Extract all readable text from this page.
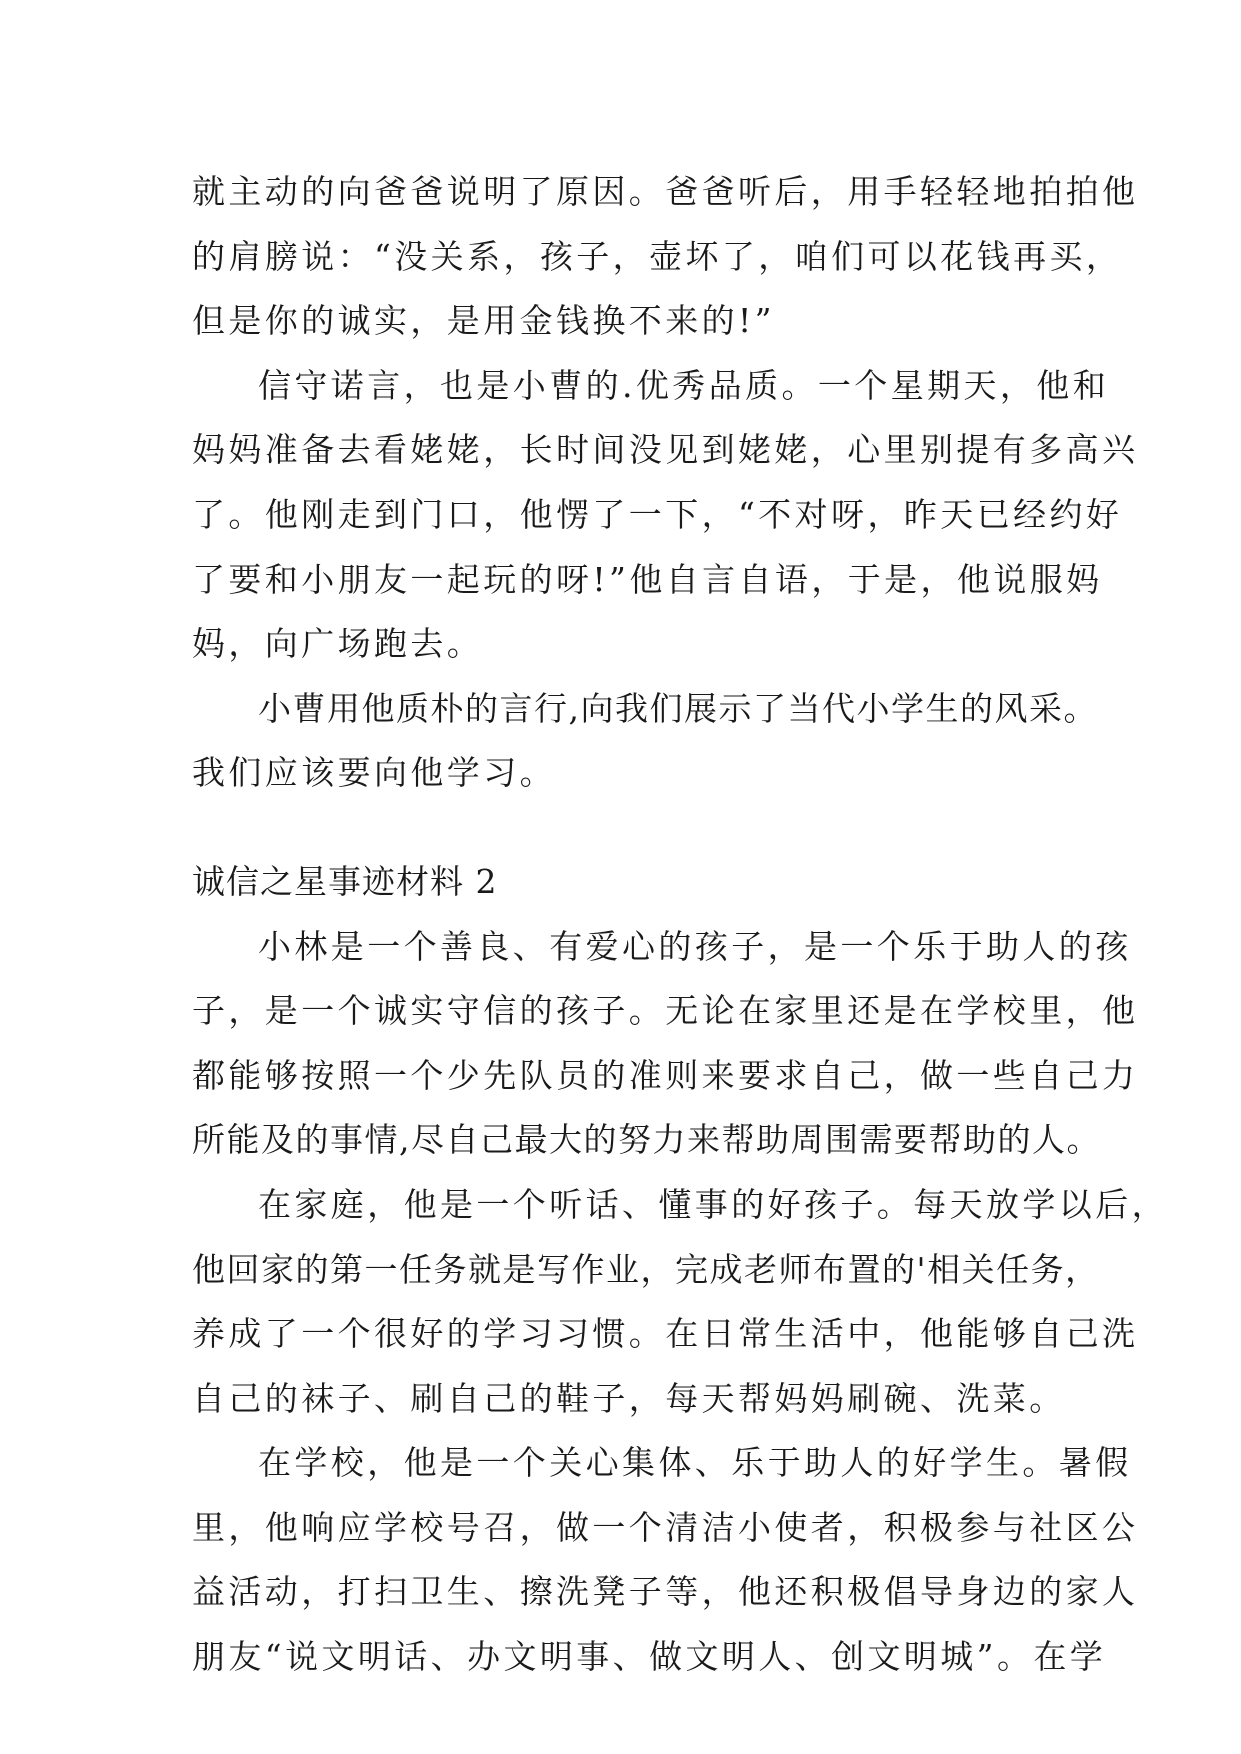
就主动的向爸爸说明了原因。爸爸听后，用手轻轻地拍拍他
的肩膀说：“没关系，孩子，壶坏了，咱们可以花钱再买，
但是你的诚实，是用金钱换不来的!”
信守诺言，也是小曹的.优秀品质。一个星期天，他和
妈妈准备去看姥姥，长时间没见到姥姥，心里别提有多高兴
了。他刚走到门口，他愣了一下，“不对呀，昨天已经约好
了要和小朋友一起玩的呀!”他自言自语，于是，他说服妈
妈，向广场跑去。
小曹用他质朴的言行,向我们展示了当代小学生的风采。
我们应该要向他学习。
诚信之星事迹材料 2
小林是一个善良、有爱心的孩子，是一个乐于助人的孩
子，是一个诚实守信的孩子。无论在家里还是在学校里，他
都能够按照一个少先队员的准则来要求自己，做一些自己力
所能及的事情,尽自己最大的努力来帮助周围需要帮助的人。
在家庭，他是一个听话、懂事的好孩子。每天放学以后，
他回家的第一任务就是写作业，完成老师布置的'相关任务，
养成了一个很好的学习习惯。在日常生活中，他能够自己洗
自己的袜子、刷自己的鞋子，每天帮妈妈刷碗、洗菜。
在学校，他是一个关心集体、乐于助人的好学生。暑假
里，他响应学校号召，做一个清洁小使者，积极参与社区公
益活动，打扫卫生、擦洗凳子等，他还积极倡导身边的家人
朋友“说文明话、办文明事、做文明人、创文明城”。在学
